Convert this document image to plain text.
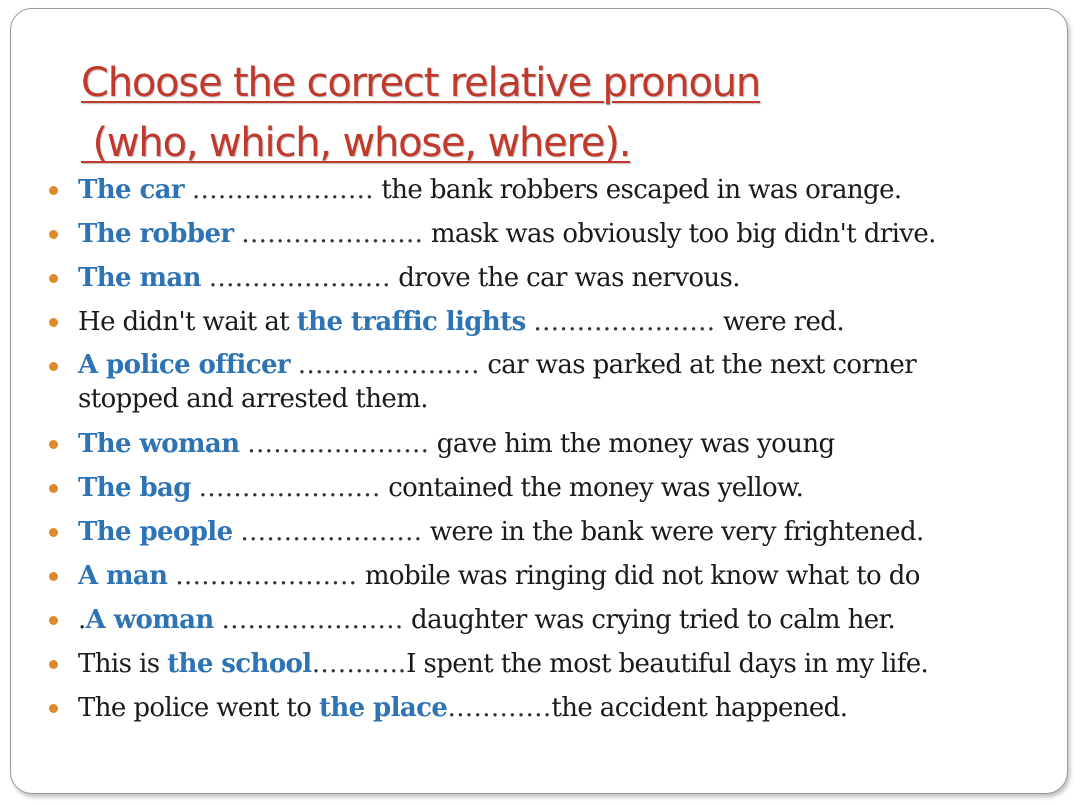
Choose the correct relative pronoun
(who, which, whose, where).
The car ………………… the bank robbers escaped in was orange.
The robber ………………… mask was obviously too big didn't drive.
The man ………………… drove the car was nervous.
He didn't wait at the traffic lights ………………… were red.
A police officer ………………… car was parked at the next corner stopped and arrested them.
The woman ………………… gave him the money was young
The bag ………………… contained the money was yellow.
The people ………………… were in the bank were very frightened.
A man ………………… mobile was ringing did not know what to do
.A woman ………………… daughter was crying tried to calm her.
This is the school………..I spent the most beautiful days in my life.
The police went to the place…………the accident happened.
